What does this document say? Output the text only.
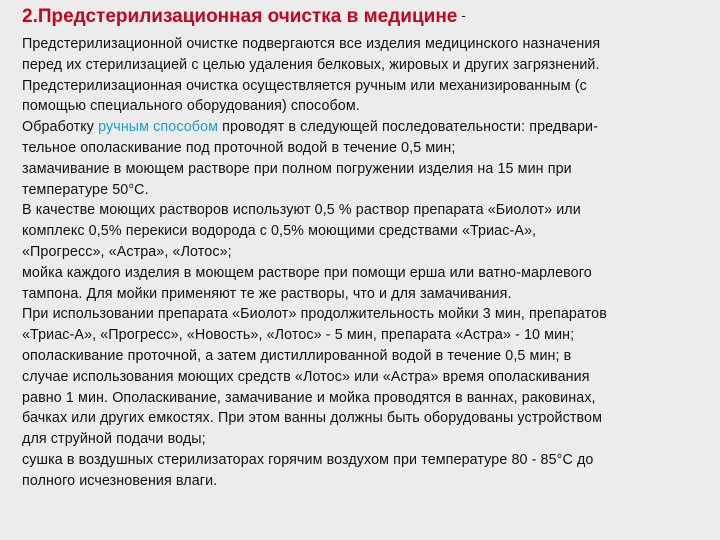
2.Предстерилизационная очистка в медицине -
Предстерилизационной очистке подвергаются все изделия медицинского назначения
перед их стерилизацией с целью удаления белковых, жировых и других загрязнений.
Предстерилизационная очистка осуществляется ручным или механизированным (с
помощью специального оборудования) способом.
Обработку ручным способом проводят в следующей последовательности: предвари-
тельное ополаскивание под проточной водой в течение 0,5 мин;
замачивание в моющем растворе при полном погружении изделия на 15 мин при
температуре 50°С.
В качестве моющих растворов используют 0,5 % раствор препарата «Биолот» или
комплекс 0,5% перекиси водорода с 0,5% моющими средствами «Триас-А»,
«Прогресс», «Астра», «Лотос»;
мойка каждого изделия в моющем растворе при помощи ерша или ватно-марлевого
тампона. Для мойки применяют те же растворы, что и для замачивания.
При использовании препарата «Биолот» продолжительность мойки 3 мин, препаратов
«Триас-А», «Прогресс», «Новость», «Лотос» - 5 мин, препарата «Астра» - 10 мин;
ополаскивание проточной, а затем дистиллированной водой в течение 0,5 мин; в
случае использования моющих средств «Лотос» или «Астра» время ополаскивания
равно 1 мин. Ополаскивание, замачивание и мойка проводятся в ваннах, раковинах,
бачках или других емкостях. При этом ванны должны быть оборудованы устройством
для струйной подачи воды;
сушка в воздушных стерилизаторах горячим воздухом при температуре 80 - 85°С до
полного исчезновения влаги.
